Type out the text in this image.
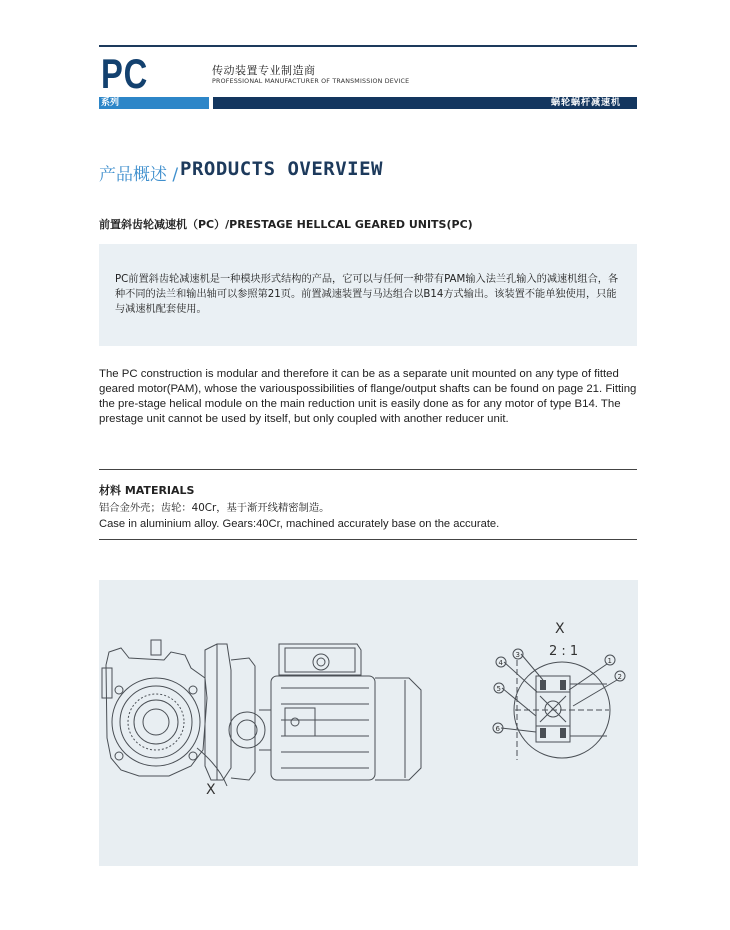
PC	传动装置专业制造商
PROFESSIONAL MANUFACTURER OF TRANSMISSION DEVICE
系列	蜗轮蜗杆减速机
产品概述 / PRODUCTS OVERVIEW
前置斜齿轮减速机（PC）/PRESTAGE HELLCAL GEARED UNITS(PC)

PC前置斜齿轮减速机是一种模块形式结构的产品，它可以与任何一种带有PAM输入法兰孔输入的减速机组合，各种不同的法兰和输出轴可以参照第21页。前置减速装置与马达组合以B14方式输出。该装置不能单独使用，只能与减速机配套使用。

The PC construction is modular and therefore it can be as a separate unit mounted on any type of fitted geared motor(PAM), whose the variouspossibilities of flange/output shafts can be found on page 21. Fitting the pre-stage helical module on the main reduction unit is easily done as for any motor of type B14. The prestage unit cannot be used by itself, but only coupled with another reducer unit.

材料 MATERIALS
铝合金外壳；齿轮：40Cr，基于渐开线精密制造。
Case in aluminium alloy. Gears:40Cr, machined accurately base on the accurate.
X
X
2 : 1
1
2
3
4
5
6
